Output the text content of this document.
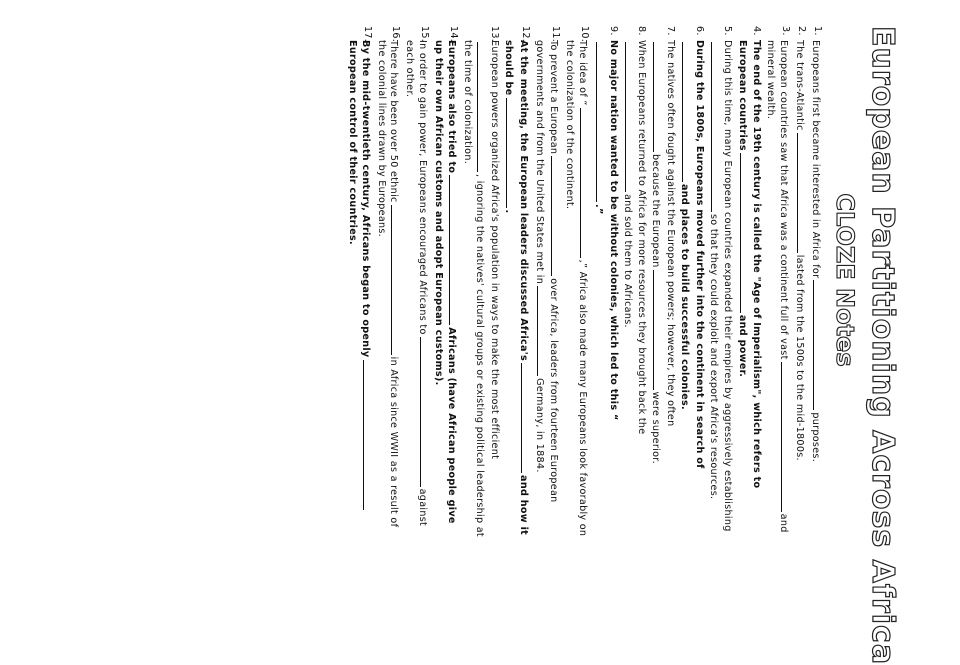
European Partitioning Across Africa
CLOZE Notes
1.
Europeans first became interested in Africa forpurposes.
2.
The trans-Atlanticlasted from the 1500s to the mid-1800s.
3.
European countries saw that Africa was a continent full of vastand mineral wealth.
4.
The end of the 19th century is called the "Age of Imperialism", which refers to European countriesand power.
5.
During this time, many European countries expanded their empires by aggressively establishingso that they could exploit and export Africa's resources.
6.
During the 1800s, Europeans moved further into the continent in search ofand places to build successful colonies.
7.
The natives often fought against the European powers; however, they oftenbecause the Europeanwere superior.
8.
When Europeans returned to Africa for more resources they brought back theand sold them to Africans.
9.
No major nation wanted to be without colonies, which led to this “.”
10.
The idea of “,” Africa also made many Europeans look favorably on the colonization of the continent.
11.
To prevent a Europeanover Africa, leaders from fourteen European governments and from the United States met inGermany, in 1884.
12.
At the meeting, the European leaders discussed Africa'sand how it should be.
13.
European powers organized Africa's population in ways to make the most efficient, ignoring the natives' cultural groups or existing political leadership at the time of colonization.
14.
Europeans also tried toAfricans (have African people give up their own African customs and adopt European customs).
15.
In order to gain power, Europeans encouraged Africans toagainst each other.
16.
There have been over 50 ethnicin Africa since WWII as a result of the colonial lines drawn by Europeans.
17.
By the mid-twentieth century, Africans began to openlyEuropean control of their countries.
